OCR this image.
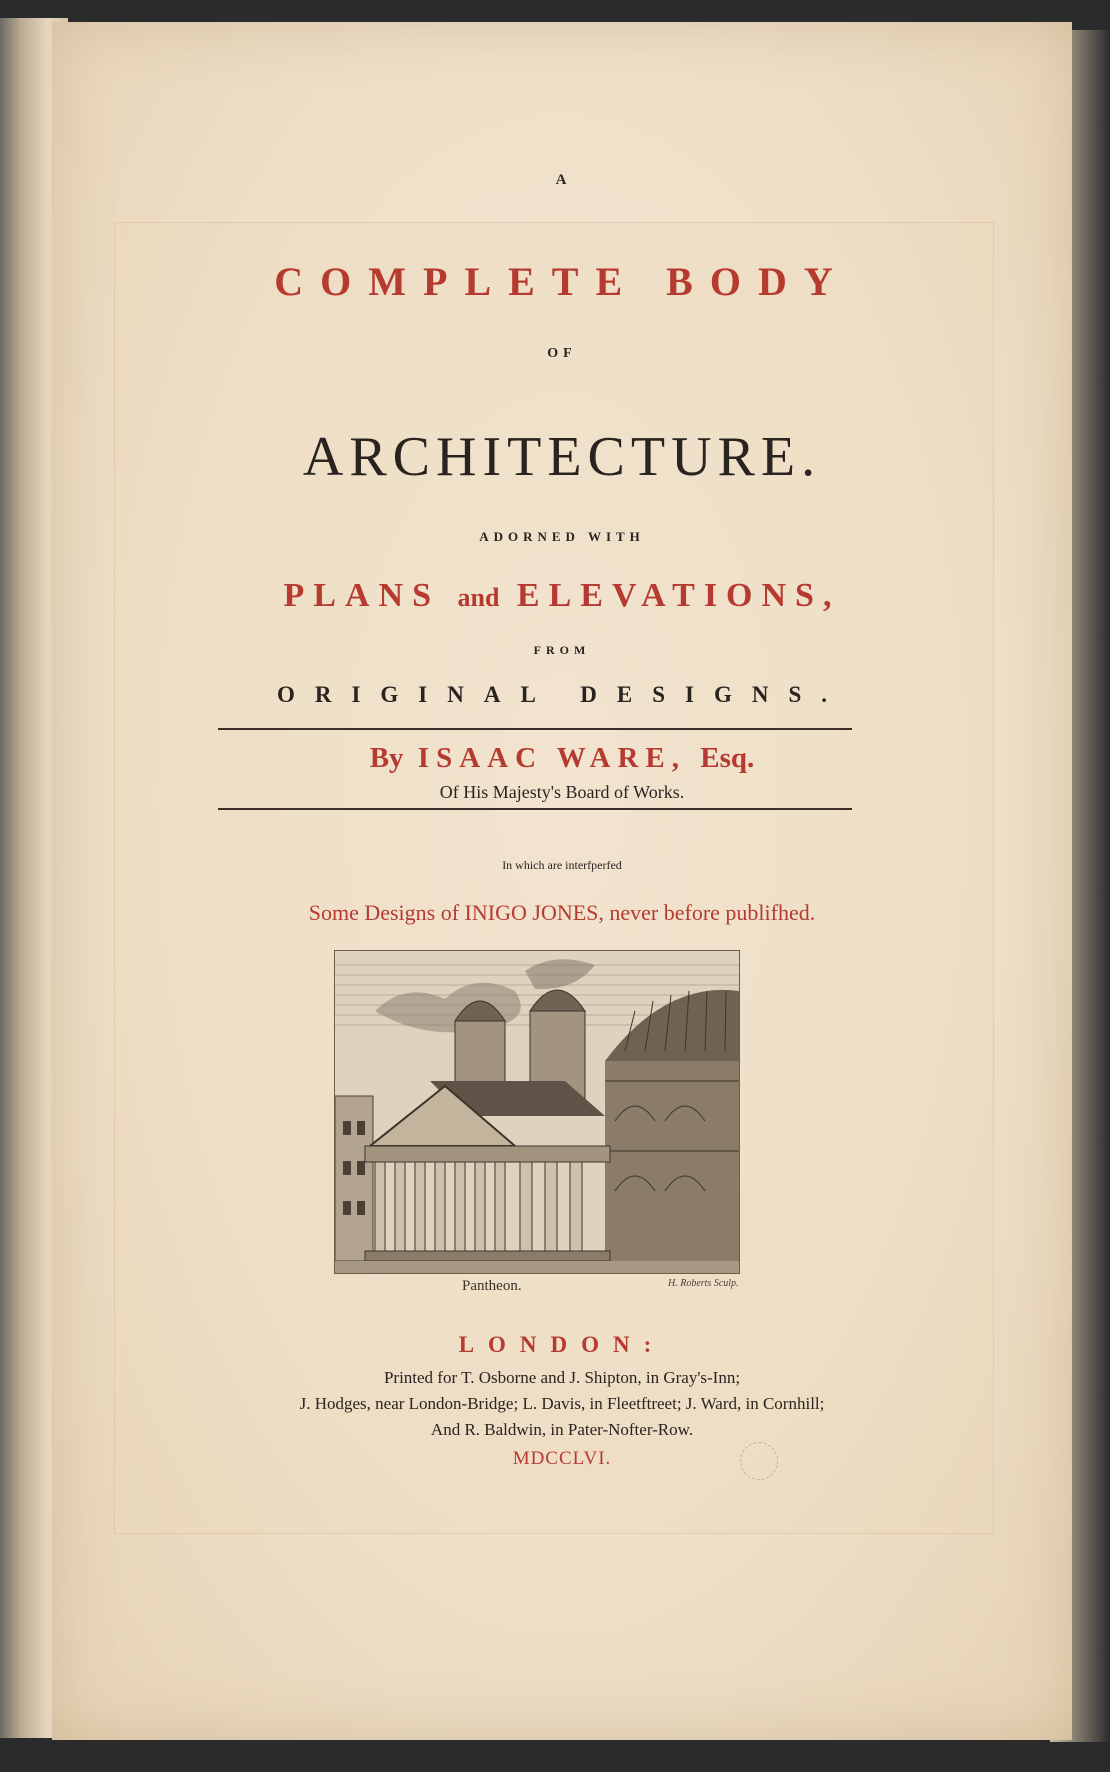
A
COMPLETE BODY
OF
ARCHITECTURE.
ADORNED WITH
PLANS and ELEVATIONS,
FROM
ORIGINAL DESIGNS.
By ISAAC WARE, Esq.
Of His Majesty's Board of Works.
In which are interfperfed
Some Designs of INIGO JONES, never before publifhed.
Pantheon.	H. Roberts Sculp.
LONDON:
Printed for T. Osborne and J. Shipton, in Gray's-Inn;
J. Hodges, near London-Bridge; L. Davis, in Fleetftreet; J. Ward, in Cornhill;
And R. Baldwin, in Pater-Nofter-Row.
MDCCLVI.
